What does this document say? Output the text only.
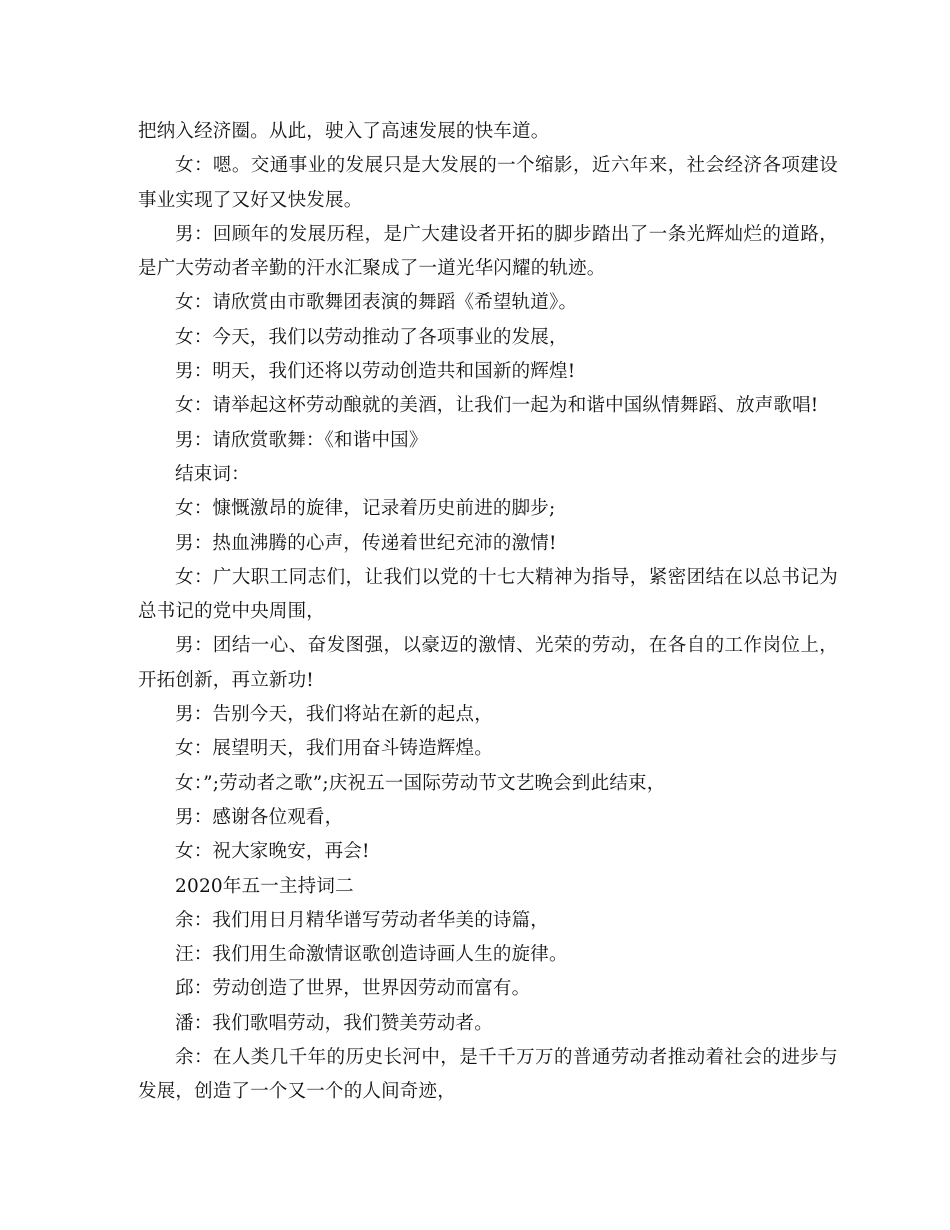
把纳入经济圈。从此，驶入了高速发展的快车道。

女：嗯。交通事业的发展只是大发展的一个缩影，近六年来，社会经济各项建设事业实现了又好又快发展。

男：回顾年的发展历程，是广大建设者开拓的脚步踏出了一条光辉灿烂的道路，是广大劳动者辛勤的汗水汇聚成了一道光华闪耀的轨迹。

女：请欣赏由市歌舞团表演的舞蹈《希望轨道》。

女：今天，我们以劳动推动了各项事业的发展，

男：明天，我们还将以劳动创造共和国新的辉煌!

女：请举起这杯劳动酿就的美酒，让我们一起为和谐中国纵情舞蹈、放声歌唱!

男：请欣赏歌舞：《和谐中国》

结束词：

女：慷慨激昂的旋律，记录着历史前进的脚步;

男：热血沸腾的心声，传递着世纪充沛的激情!

女：广大职工同志们，让我们以党的十七大精神为指导，紧密团结在以总书记为总书记的党中央周围，

男：团结一心、奋发图强，以豪迈的激情、光荣的劳动，在各自的工作岗位上，开拓创新，再立新功!

男：告别今天，我们将站在新的起点，

女：展望明天，我们用奋斗铸造辉煌。

女：”;劳动者之歌”;庆祝五一国际劳动节文艺晚会到此结束，

男：感谢各位观看，

女：祝大家晚安，再会!

2020年五一主持词二

余：我们用日月精华谱写劳动者华美的诗篇，

汪：我们用生命激情讴歌创造诗画人生的旋律。

邱：劳动创造了世界，世界因劳动而富有。

潘：我们歌唱劳动，我们赞美劳动者。

余：在人类几千年的历史长河中，是千千万万的普通劳动者推动着社会的进步与发展，创造了一个又一个的人间奇迹，
